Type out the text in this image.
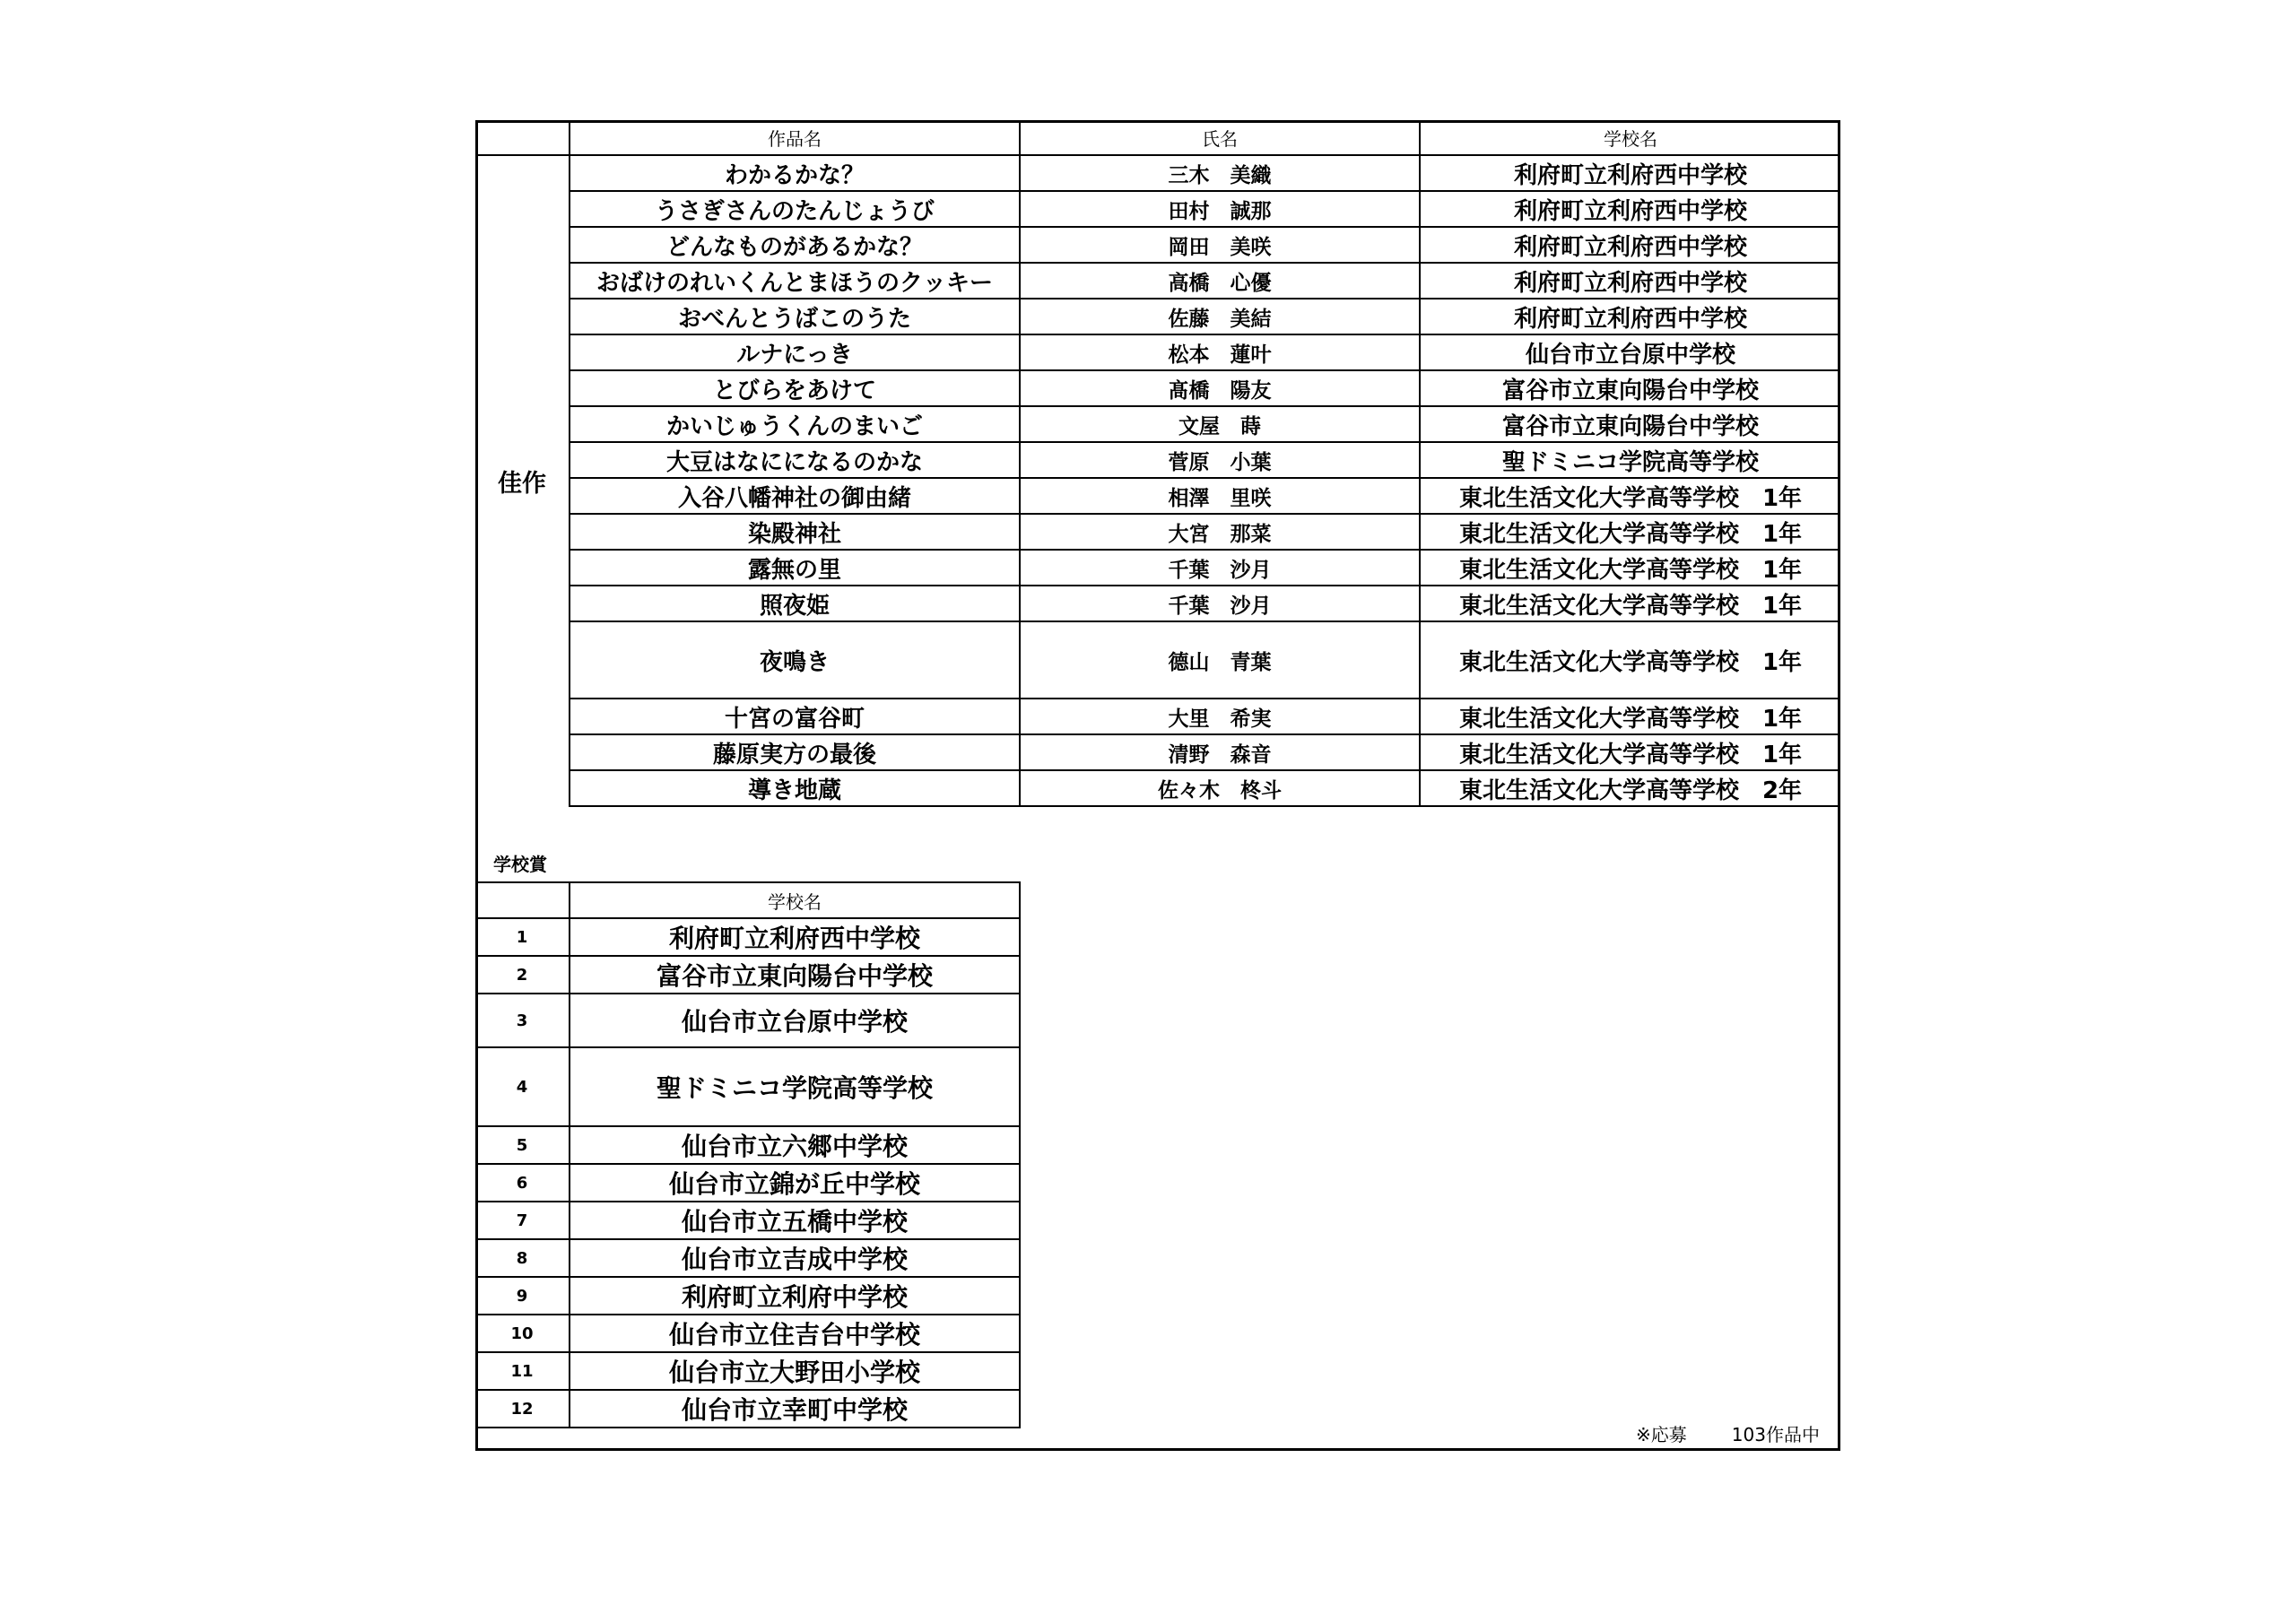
	作品名	氏名	学校名
佳作	わかるかな？	三木　美織	利府町立利府西中学校
	うさぎさんのたんじょうび	田村　誠那	利府町立利府西中学校
	どんなものがあるかな？	岡田　美咲	利府町立利府西中学校
	おばけのれいくんとまほうのクッキー	高橋　心優	利府町立利府西中学校
	おべんとうばこのうた	佐藤　美結	利府町立利府西中学校
	ルナにっき	松本　蓮叶	仙台市立台原中学校
	とびらをあけて	髙橋　陽友	富谷市立東向陽台中学校
	かいじゅうくんのまいご	文屋　蒔	富谷市立東向陽台中学校
	大豆はなにになるのかな	菅原　小葉	聖ドミニコ学院高等学校
	入谷八幡神社の御由緒	相澤　里咲	東北生活文化大学高等学校　1年
	染殿神社	大宮　那菜	東北生活文化大学高等学校　1年
	露無の里	千葉　沙月	東北生活文化大学高等学校　1年
	照夜姫	千葉　沙月	東北生活文化大学高等学校　1年
	夜鳴き	德山　青葉	東北生活文化大学高等学校　1年
	十宮の富谷町	大里　希実	東北生活文化大学高等学校　1年
	藤原実方の最後	清野　森音	東北生活文化大学高等学校　1年
	導き地蔵	佐々木　柊斗	東北生活文化大学高等学校　2年
学校賞
	学校名
1	利府町立利府西中学校
2	富谷市立東向陽台中学校
3	仙台市立台原中学校
4	聖ドミニコ学院高等学校
5	仙台市立六郷中学校
6	仙台市立錦が丘中学校
7	仙台市立五橋中学校
8	仙台市立吉成中学校
9	利府町立利府中学校
10	仙台市立住吉台中学校
11	仙台市立大野田小学校
12	仙台市立幸町中学校
※応募	103作品中
